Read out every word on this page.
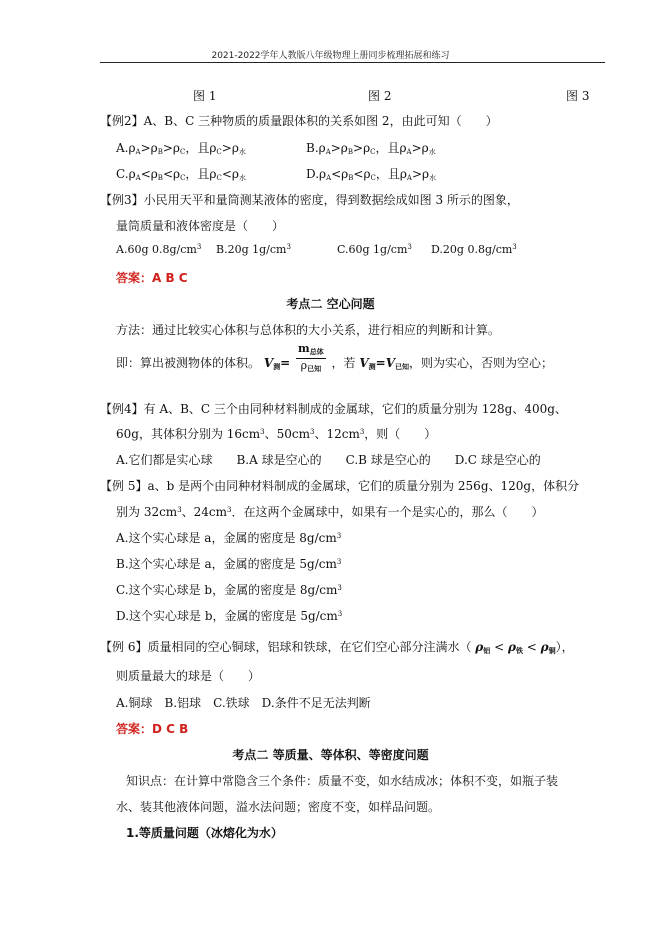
2021-2022学年人教版八年级物理上册同步梳理拓展和练习
图 1	图 2	图 3
【例2】A、B、C 三种物质的质量跟体积的关系如图 2，由此可知（　　）
$A.\rho_A>\rho_B>\rho_C$，且$\rho_C>\rho_水$	$B.\rho_A>\rho_B>\rho_C$，且$\rho_A>\rho_水$
$C.\rho_A<\rho_B<\rho_C$，且$\rho_C<\rho_水$	$D.\rho_A<\rho_B<\rho_C$，且$\rho_A>\rho_水$
【例3】小民用天平和量筒测某液体的密度，得到数据绘成如图 3 所示的图象，
量筒质量和液体密度是（　　）
A.60g $0.8g/cm^3$ B.20g $1g/cm^3$	C.60g $1g/cm^3$ D.20g $0.8g/cm^3$
答案：A B C
考点二 空心问题
方法：通过比较实心体积与总体积的大小关系，进行相应的判断和计算。
即：算出被测物体的体积。 $V_测= \frac{m_{总体}}{\rho_{已知}}$ ，若 $V_测=V_{已知}$，则为实心，否则为空心；
【例4】有 A、B、C 三个由同种材料制成的金属球，它们的质量分别为 128g、400g、
60g，其体积分别为 $16cm^3$、$50cm^3$、$12cm^3$，则（　　）
A.它们都是实心球　　B.A 球是空心的　　C.B 球是空心的　　D.C 球是空心的
【例 5】a、b 是两个由同种材料制成的金属球，它们的质量分别为 256g、120g，体积分
别为 $32cm^3$、$24cm^3$．在这两个金属球中，如果有一个是实心的，那么（　　）
A.这个实心球是 a，金属的密度是 $8g/cm^3$
B.这个实心球是 a，金属的密度是 $5g/cm^3$
C.这个实心球是 b，金属的密度是 $8g/cm^3$
D.这个实心球是 b，金属的密度是 $5g/cm^3$
【例 6】质量相同的空心铜球，铝球和铁球，在它们空心部分注满水（ $\rho_铝 < \rho_铁 < \rho_铜$），
则质量最大的球是（　　）
A.铜球　B.铝球　C.铁球　D.条件不足无法判断
答案：D C B
考点二 等质量、等体积、等密度问题
知识点：在计算中常隐含三个条件：质量不变，如水结成冰；体积不变，如瓶子装
水、装其他液体问题，溢水法问题；密度不变，如样品问题。
1.等质量问题（冰熔化为水）
